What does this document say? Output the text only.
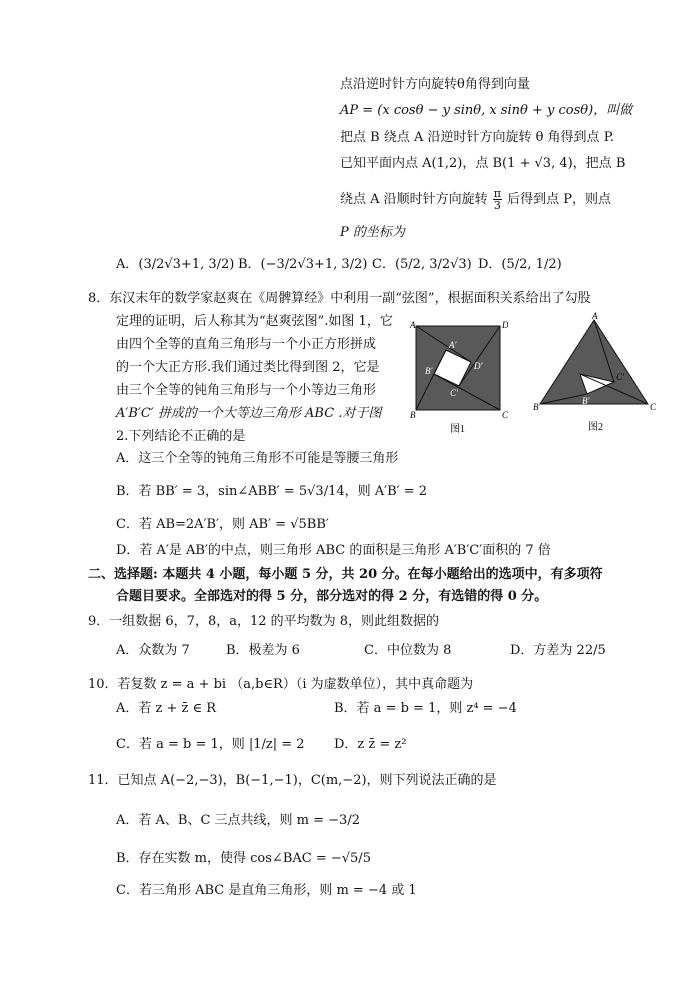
点沿逆时针方向旋转θ角得到向量
AP = (x cosθ − y sinθ, x sinθ + y cosθ)，叫做
把点 B 绕点 A 沿逆时针方向旋转 θ 角得到点 P.
已知平面内点 A(1,2)，点 B(1 + √3, 4)，把点 B
绕点 A 沿顺时针方向旋转 $\frac{\pi}{3}$ 后得到点 P，则点
P 的坐标为
A．(3/2√3+1, 3/2) B．(−3/2√3+1, 3/2) C．(5/2, 3/2√3) D．(5/2, 1/2)
8．东汉末年的数学家赵爽在《周髀算经》中利用一副“弦图”，根据面积关系给出了勾股
定理的证明，后人称其为“赵爽弦图”.如图 1，它
由四个全等的直角三角形与一个小正方形拼成
的一个大正方形.我们通过类比得到图 2，它是
由三个全等的钝角三角形与一个小等边三角形
A′B′C′ 拼成的一个大等边三角形 ABC .对于图
2.下列结论不正确的是
A	D
A′
B′	D′
C′
B	C
图1
A
C′
B′
B	C
图2
A．这三个全等的钝角三角形不可能是等腰三角形
B．若 BB′ = 3，sin∠ABB′ = 5√3/14，则 A′B′ = 2
C．若 AB=2A′B′，则 AB′ = √5BB′
D．若 A′是 AB′的中点，则三角形 ABC 的面积是三角形 A′B′C′面积的 7 倍
二、选择题: 本题共 4 小题，每小题 5 分，共 20 分。在每小题给出的选项中，有多项符
合题目要求。全部选对的得 5 分，部分选对的得 2 分，有选错的得 0 分。
9．一组数据 6，7，8，a，12 的平均数为 8，则此组数据的
A．众数为 7	B．极差为 6	C．中位数为 8	D．方差为 22/5
10．若复数 z = a + bi （a,b∈R）（i 为虚数单位），其中真命题为
A．若 z + z̄ ∈ R	B．若 a = b = 1，则 z⁴ = −4
C．若 a = b = 1，则 |1/z| = 2 D．z z̄ = z²
11．已知点 A(−2,−3)，B(−1,−1)，C(m,−2)，则下列说法正确的是
A．若 A、B、C 三点共线，则 m = −3/2
B．存在实数 m，使得 cos∠BAC = −√5/5
C．若三角形 ABC 是直角三角形，则 m = −4 或 1
